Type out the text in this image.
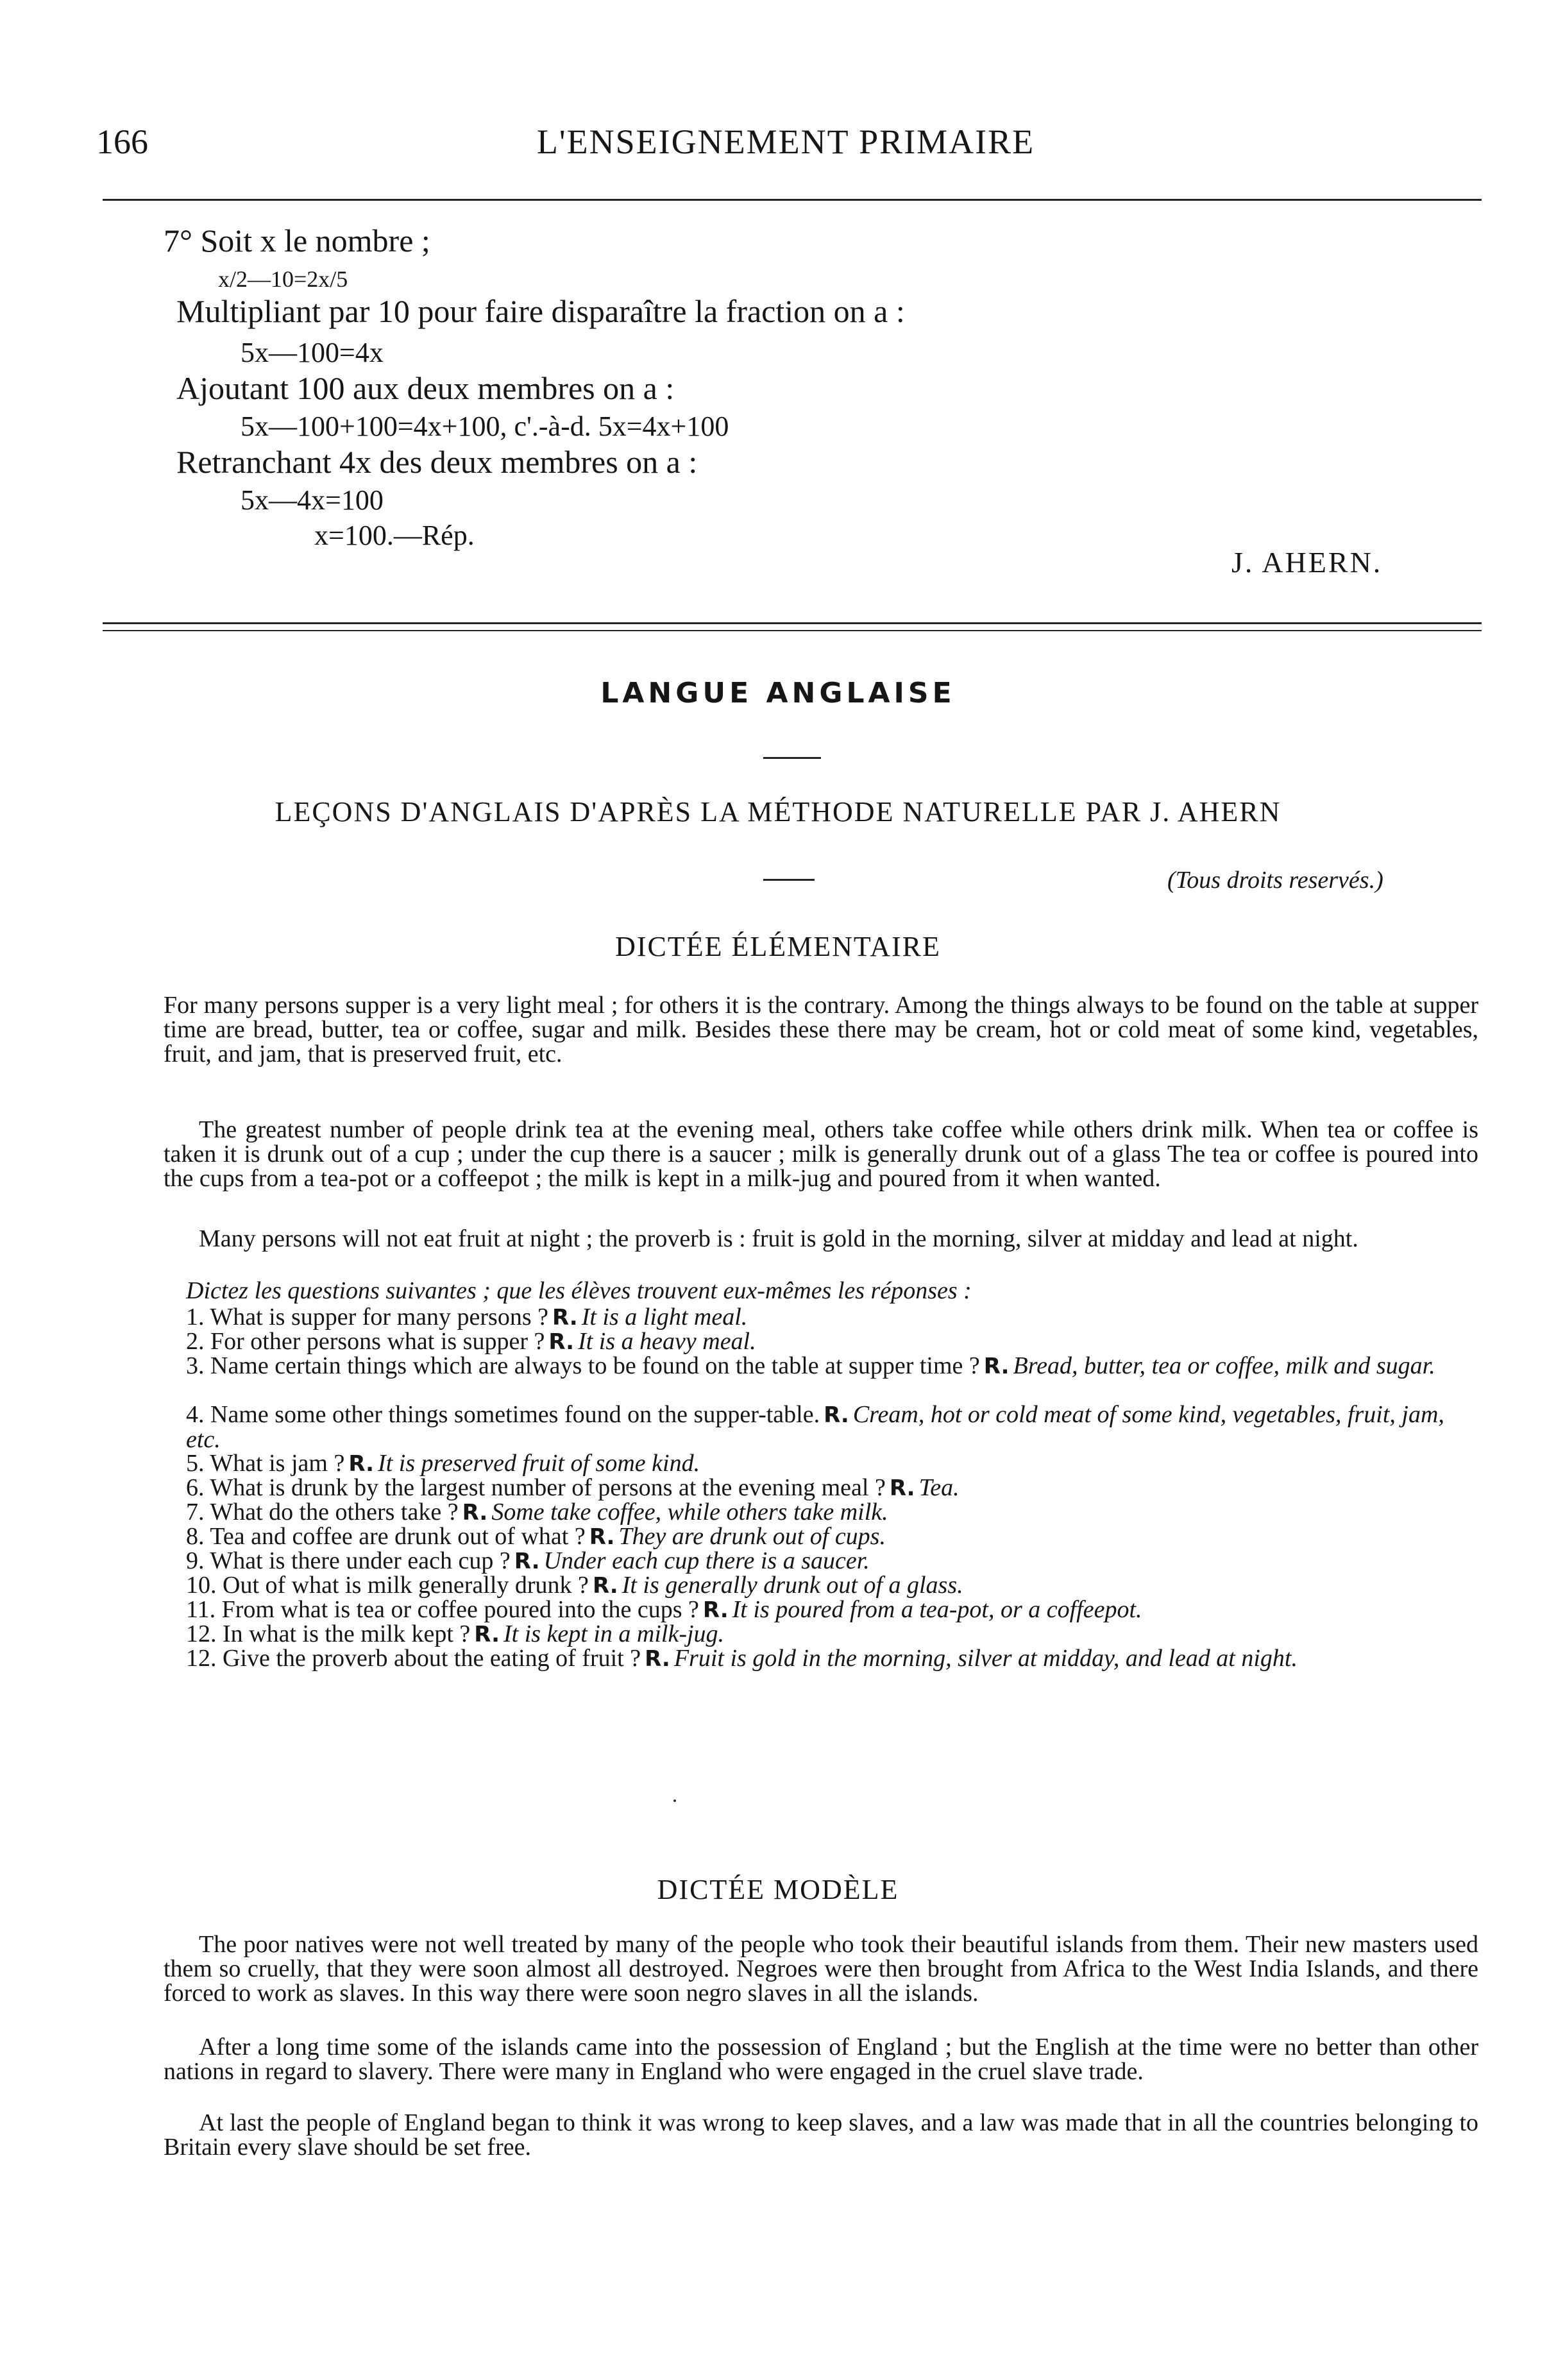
166	L'ENSEIGNEMENT PRIMAIRE
7° Soit x le nombre ;
x/2—10=2x/5
Multipliant par 10 pour faire disparaître la fraction on a :
5x—100=4x
Ajoutant 100 aux deux membres on a :
5x—100+100=4x+100, c'.-à-d. 5x=4x+100
Retranchant 4x des deux membres on a :
5x—4x=100
x=100.—Rép.
J. AHERN.
LANGUE ANGLAISE
LEÇONS D'ANGLAIS D'APRÈS LA MÉTHODE NATURELLE PAR J. AHERN
(Tous droits reservés.)
DICTÉE ÉLÉMENTAIRE
For many persons supper is a very light meal ; for others it is the contrary. Among the things always to be found on the table at supper time are bread, butter, tea or coffee, sugar and milk. Besides these there may be cream, hot or cold meat of some kind, vegetables, fruit, and jam, that is preserved fruit, etc.
The greatest number of people drink tea at the evening meal, others take coffee while others drink milk. When tea or coffee is taken it is drunk out of a cup ; under the cup there is a saucer ; milk is generally drunk out of a glass The tea or coffee is poured into the cups from a tea-pot or a coffeepot ; the milk is kept in a milk-jug and poured from it when wanted.
Many persons will not eat fruit at night ; the proverb is : fruit is gold in the morning, silver at midday and lead at night.
Dictez les questions suivantes ; que les élèves trouvent eux-mêmes les réponses :
1. What is supper for many persons ? R. It is a light meal.
2. For other persons what is supper ? R. It is a heavy meal.
3. Name certain things which are always to be found on the table at supper time ? R. Bread, butter, tea or coffee, milk and sugar.
4. Name some other things sometimes found on the supper-table. R. Cream, hot or cold meat of some kind, vegetables, fruit, jam, etc.
5. What is jam ? R. It is preserved fruit of some kind.
6. What is drunk by the largest number of persons at the evening meal ? R. Tea.
7. What do the others take ? R. Some take coffee, while others take milk.
8. Tea and coffee are drunk out of what ? R. They are drunk out of cups.
9. What is there under each cup ? R. Under each cup there is a saucer.
10. Out of what is milk generally drunk ? R. It is generally drunk out of a glass.
11. From what is tea or coffee poured into the cups ? R. It is poured from a tea-pot, or a coffeepot.
12. In what is the milk kept ? R. It is kept in a milk-jug.
12. Give the proverb about the eating of fruit ? R. Fruit is gold in the morning, silver at midday, and lead at night.
DICTÉE MODÈLE
The poor natives were not well treated by many of the people who took their beautiful islands from them. Their new masters used them so cruelly, that they were soon almost all destroyed. Negroes were then brought from Africa to the West India Islands, and there forced to work as slaves. In this way there were soon negro slaves in all the islands.
After a long time some of the islands came into the possession of England ; but the English at the time were no better than other nations in regard to slavery. There were many in England who were engaged in the cruel slave trade.
At last the people of England began to think it was wrong to keep slaves, and a law was made that in all the countries belonging to Britain every slave should be set free.
